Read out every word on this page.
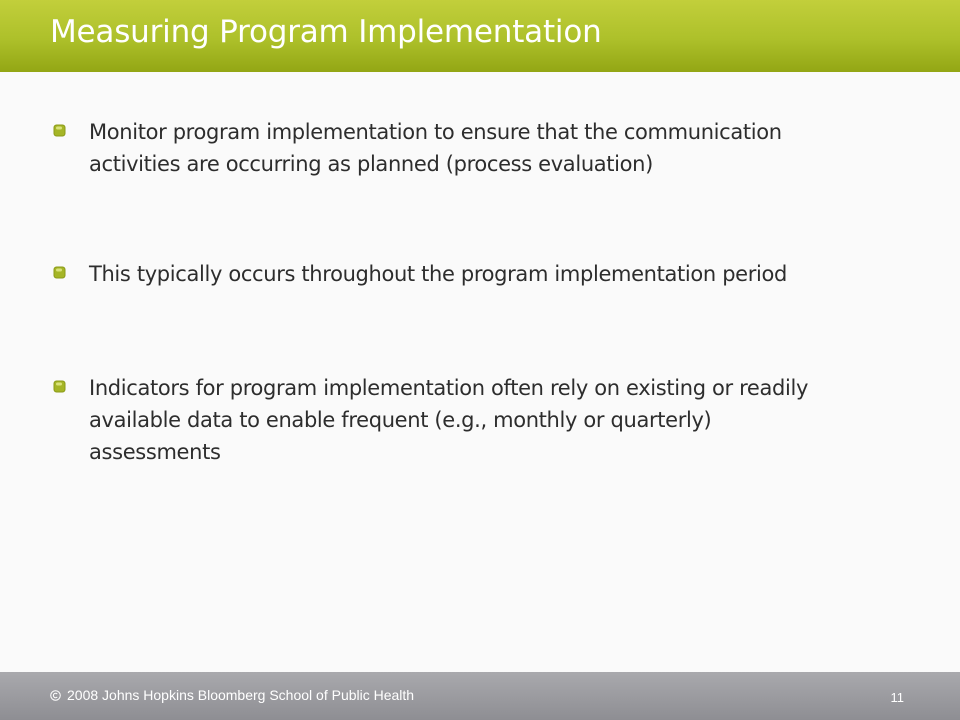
Measuring Program Implementation

Monitor program implementation to ensure that the communication activities are occurring as planned (process evaluation)

This typically occurs throughout the program implementation period

Indicators for program implementation often rely on existing or readily available data to enable frequent (e.g., monthly or quarterly) assessments

2008 Johns Hopkins Bloomberg School of Public Health	11
